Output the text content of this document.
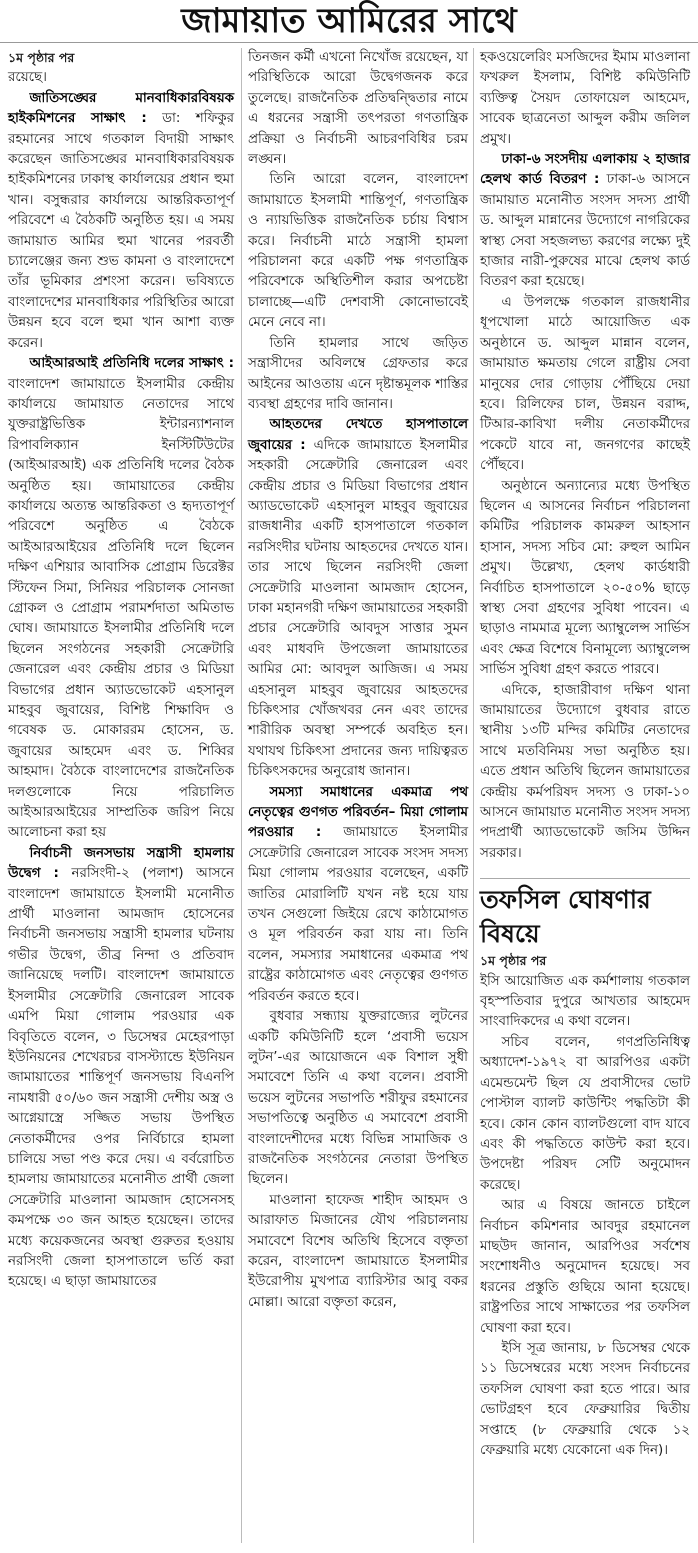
জামায়াত আমিরের সাথে
১ম পৃষ্ঠার পর

রয়েছে।

জাতিসঙ্ঘের মানবাধিকারবিষয়ক হাইকমিশনের সাক্ষাৎ : ডা: শফিকুর রহমানের সাথে গতকাল বিদায়ী সাক্ষাৎ করেছেন জাতিসঙ্ঘের মানবাধিকারবিষয়ক হাইকমিশনের ঢাকাস্থ কার্যালয়ের প্রধান হুমা খান। বসুন্ধরার কার্যালয়ে আন্তরিকতাপূর্ণ পরিবেশে এ বৈঠকটি অনুষ্ঠিত হয়। এ সময় জামায়াত আমির হুমা খানের পরবর্তী চ্যালেঞ্জের জন্য শুভ কামনা ও বাংলাদেশে তাঁর ভূমিকার প্রশংসা করেন। ভবিষ্যতে বাংলাদেশের মানবাধিকার পরিস্থিতির আরো উন্নয়ন হবে বলে হুমা খান আশা ব্যক্ত করেন।

আইআরআই প্রতিনিধি দলের সাক্ষাৎ : বাংলাদেশ জামায়াতে ইসলামীর কেন্দ্রীয় কার্যালয়ে জামায়াত নেতাদের সাথে যুক্তরাষ্ট্রভিত্তিক ইন্টারন্যাশনাল রিপাবলিক্যান ইনস্টিটিউটের (আইআরআই) এক প্রতিনিধি দলের বৈঠক অনুষ্ঠিত হয়। জামায়াতের কেন্দ্রীয় কার্যালয়ে অত্যন্ত আন্তরিকতা ও হৃদ্যতাপূর্ণ পরিবেশে অনুষ্ঠিত এ বৈঠকে আইআরআইয়ের প্রতিনিধি দলে ছিলেন দক্ষিণ এশিয়ার আবাসিক প্রোগ্রাম ডিরেক্টর স্টিফেন সিমা, সিনিয়র পরিচালক সোনজা গ্রোকল ও প্রোগ্রাম পরামর্শদাতা অমিতাভ ঘোষ। জামায়াতে ইসলামীর প্রতিনিধি দলে ছিলেন সংগঠনের সহকারী সেক্রেটারি জেনারেল এবং কেন্দ্রীয় প্রচার ও মিডিয়া বিভাগের প্রধান অ্যাডভোকেট এহসানুল মাহবুব জুবায়ের, বিশিষ্ট শিক্ষাবিদ ও গবেষক ড. মোকাররম হোসেন, ড. জুবায়ের আহমেদ এবং ড. শিব্বির আহমাদ। বৈঠকে বাংলাদেশের রাজনৈতিক দলগুলোকে নিয়ে পরিচালিত আইআরআইয়ের সাম্প্রতিক জরিপ নিয়ে আলোচনা করা হয়

নির্বাচনী জনসভায় সন্ত্রাসী হামলায় উদ্বেগ : নরসিংদী-২ (পলাশ) আসনে বাংলাদেশ জামায়াতে ইসলামী মনোনীত প্রার্থী মাওলানা আমজাদ হোসেনের নির্বাচনী জনসভায় সন্ত্রাসী হামলার ঘটনায় গভীর উদ্বেগ, তীব্র নিন্দা ও প্রতিবাদ জানিয়েছে দলটি। বাংলাদেশ জামায়াতে ইসলামীর সেক্রেটারি জেনারেল সাবেক এমপি মিয়া গোলাম পরওয়ার এক বিবৃতিতে বলেন, ৩ ডিসেম্বর মেহেরপাড়া ইউনিয়নের শেখেরচর বাসস্ট্যান্ডে ইউনিয়ন জামায়াতের শান্তিপূর্ণ জনসভায় বিএনপি নামধারী ৫০/৬০ জন সন্ত্রাসী দেশীয় অস্ত্র ও আগ্নেয়াস্ত্রে সজ্জিত সভায় উপস্থিত নেতাকর্মীদের ওপর নির্বিচারে হামলা চালিয়ে সভা পণ্ড করে দেয়। এ বর্বরোচিত হামলায় জামায়াতের মনোনীত প্রার্থী জেলা সেক্রেটারি মাওলানা আমজাদ হোসেনসহ কমপক্ষে ৩০ জন আহত হয়েছেন। তাদের মধ্যে কয়েকজনের অবস্থা গুরুতর হওয়ায় নরসিংদী জেলা হাসপাতালে ভর্তি করা হয়েছে। এ ছাড়া জামায়াতের

তিনজন কর্মী এখনো নিখোঁজ রয়েছেন, যা পরিস্থিতিকে আরো উদ্বেগজনক করে তুলেছে। রাজনৈতিক প্রতিদ্বন্দ্বিতার নামে এ ধরনের সন্ত্রাসী তৎপরতা গণতান্ত্রিক প্রক্রিয়া ও নির্বাচনী আচরণবিধির চরম লঙ্ঘন।

তিনি আরো বলেন, বাংলাদেশ জামায়াতে ইসলামী শান্তিপূর্ণ, গণতান্ত্রিক ও ন্যায়ভিত্তিক রাজনৈতিক চর্চায় বিশ্বাস করে। নির্বাচনী মাঠে সন্ত্রাসী হামলা পরিচালনা করে একটি পক্ষ গণতান্ত্রিক পরিবেশকে অস্থিতিশীল করার অপচেষ্টা চালাচ্ছে—এটি দেশবাসী কোনোভাবেই মেনে নেবে না।

তিনি হামলার সাথে জড়িত সন্ত্রাসীদের অবিলম্বে গ্রেফতার করে আইনের আওতায় এনে দৃষ্টান্তমূলক শাস্তির ব্যবস্থা গ্রহণের দাবি জানান।

আহতদের দেখতে হাসপাতালে জুবায়ের : এদিকে জামায়াতে ইসলামীর সহকারী সেক্রেটারি জেনারেল এবং কেন্দ্রীয় প্রচার ও মিডিয়া বিভাগের প্রধান অ্যাডভোকেট এহসানুল মাহবুব জুবায়ের রাজধানীর একটি হাসপাতালে গতকাল নরসিংদীর ঘটনায় আহতদের দেখতে যান। তার সাথে ছিলেন নরসিংদী জেলা সেক্রেটারি মাওলানা আমজাদ হোসেন, ঢাকা মহানগরী দক্ষিণ জামায়াতের সহকারী প্রচার সেক্রেটারি আবদুস সাত্তার সুমন এবং মাধবদি উপজেলা জামায়াতের আমির মো: আবদুল আজিজ। এ সময় এহসানুল মাহবুব জুবায়ের আহতদের চিকিৎসার খোঁজখবর নেন এবং তাদের শারীরিক অবস্থা সম্পর্কে অবহিত হন। যথাযথ চিকিৎসা প্রদানের জন্য দায়িত্বরত চিকিৎসকদের অনুরোধ জানান।

সমস্যা সমাধানের একমাত্র পথ নেতৃত্বের গুণগত পরিবর্তন– মিয়া গোলাম পরওয়ার : জামায়াতে ইসলামীর সেক্রেটারি জেনারেল সাবেক সংসদ সদস্য মিয়া গোলাম পরওয়ার বলেছেন, একটি জাতির মোরালিটি যখন নষ্ট হয়ে যায় তখন সেগুলো জিইয়ে রেখে কাঠামোগত ও মূল পরিবর্তন করা যায় না। তিনি বলেন, সমস্যার সমাধানের একমাত্র পথ রাষ্ট্রের কাঠামোগত এবং নেতৃত্বের গুণগত পরিবর্তন করতে হবে।

বুধবার সন্ধ্যায় যুক্তরাজ্যের লুটনের একটি কমিউনিটি হলে ‘প্রবাসী ভয়েস লুটন’-এর আয়োজনে এক বিশাল সুধী সমাবেশে তিনি এ কথা বলেন। প্রবাসী ভয়েস লুটনের সভাপতি শরীফুর রহমানের সভাপতিত্বে অনুষ্ঠিত এ সমাবেশে প্রবাসী বাংলাদেশীদের মধ্যে বিভিন্ন সামাজিক ও রাজনৈতিক সংগঠনের নেতারা উপস্থিত ছিলেন।

মাওলানা হাফেজ শাহীদ আহমদ ও আরাফাত মিজানের যৌথ পরিচালনায় সমাবেশে বিশেষ অতিথি হিসেবে বক্তৃতা করেন, বাংলাদেশ জামায়াতে ইসলামীর ইউরোপীয় মুখপাত্র ব্যারিস্টার আবু বকর মোল্লা। আরো বক্তৃতা করেন,

হকওয়েলেরিং মসজিদের ইমাম মাওলানা ফখরুল ইসলাম, বিশিষ্ট কমিউনিটি ব্যক্তিত্ব সৈয়দ তোফায়েল আহমেদ, সাবেক ছাত্রনেতা আব্দুল করীম জলিল প্রমুখ।

ঢাকা-৬ সংসদীয় এলাকায় ২ হাজার হেলথ কার্ড বিতরণ : ঢাকা-৬ আসনে জামায়াত মনোনীত সংসদ সদস্য প্রার্থী ড. আব্দুল মান্নানের উদ্যোগে নাগরিকের স্বাস্থ্য সেবা সহজলভ্য করণের লক্ষ্যে দুই হাজার নারী-পুরুষের মাঝে হেলথ কার্ড বিতরণ করা হয়েছে।

এ উপলক্ষে গতকাল রাজধানীর ধূপখোলা মাঠে আয়োজিত এক অনুষ্ঠানে ড. আব্দুল মান্নান বলেন, জামায়াত ক্ষমতায় গেলে রাষ্ট্রীয় সেবা মানুষের দোর গোড়ায় পৌঁছিয়ে দেয়া হবে। রিলিফের চাল, উন্নয়ন বরাদ্দ, টিআর-কাবিখা দলীয় নেতাকর্মীদের পকেটে যাবে না, জনগণের কাছেই পৌঁছবে।

অনুষ্ঠানে অন্যান্যের মধ্যে উপস্থিত ছিলেন এ আসনের নির্বাচন পরিচালনা কমিটির পরিচালক কামরুল আহসান হাসান, সদস্য সচিব মো: রুহুল আমিন প্রমুখ। উল্লেখ্য, হেলথ কার্ডধারী নির্বাচিত হাসপাতালে ২০-৫০% ছাড়ে স্বাস্থ্য সেবা গ্রহণের সুবিধা পাবেন। এ ছাড়াও নামমাত্র মূল্যে অ্যাম্বুলেন্স সার্ভিস এবং ক্ষেত্র বিশেষে বিনামূল্যে অ্যাম্বুলেন্স সার্ভিস সুবিধা গ্রহণ করতে পারবে।

এদিকে, হাজারীবাগ দক্ষিণ থানা জামায়াতের উদ্যোগে বুধবার রাতে স্থানীয় ১৩টি মন্দির কমিটির নেতাদের সাথে মতবিনিময় সভা অনুষ্ঠিত হয়। এতে প্রধান অতিথি ছিলেন জামায়াতের কেন্দ্রীয় কর্মপরিষদ সদস্য ও ঢাকা-১০ আসনে জামায়াত মনোনীত সংসদ সদস্য পদপ্রার্থী অ্যাডভোকেট জসিম উদ্দিন সরকার।

তফসিল ঘোষণার বিষয়ে
১ম পৃষ্ঠার পর

ইসি আয়োজিত এক কর্মশালায় গতকাল বৃহস্পতিবার দুপুরে আখতার আহমেদ সাংবাদিকদের এ কথা বলেন।

সচিব বলেন, গণপ্রতিনিধিত্ব অধ্যাদেশ-১৯৭২ বা আরপিওর একটা এমেন্ডমেন্ট ছিল যে প্রবাসীদের ভোট পোস্টাল ব্যালট কাউন্টিং পদ্ধতিটা কী হবে। কোন কোন ব্যালটগুলো বাদ যাবে এবং কী পদ্ধতিতে কাউন্ট করা হবে। উপদেষ্টা পরিষদ সেটি অনুমোদন করেছে।

আর এ বিষয়ে জানতে চাইলে নির্বাচন কমিশনার আবদুর রহমানেল মাছউদ জানান, আরপিওর সর্বশেষ সংশোধনীও অনুমোদন হয়েছে। সব ধরনের প্রস্তুতি গুছিয়ে আনা হয়েছে। রাষ্ট্রপতির সাথে সাক্ষাতের পর তফসিল ঘোষণা করা হবে।

ইসি সূত্র জানায়, ৮ ডিসেম্বর থেকে ১১ ডিসেম্বরের মধ্যে সংসদ নির্বাচনের তফসিল ঘোষণা করা হতে পারে। আর ভোটগ্রহণ হবে ফেব্রুয়ারির দ্বিতীয় সপ্তাহে (৮ ফেব্রুয়ারি থেকে ১২ ফেব্রুয়ারি মধ্যে যেকোনো এক দিন)।
